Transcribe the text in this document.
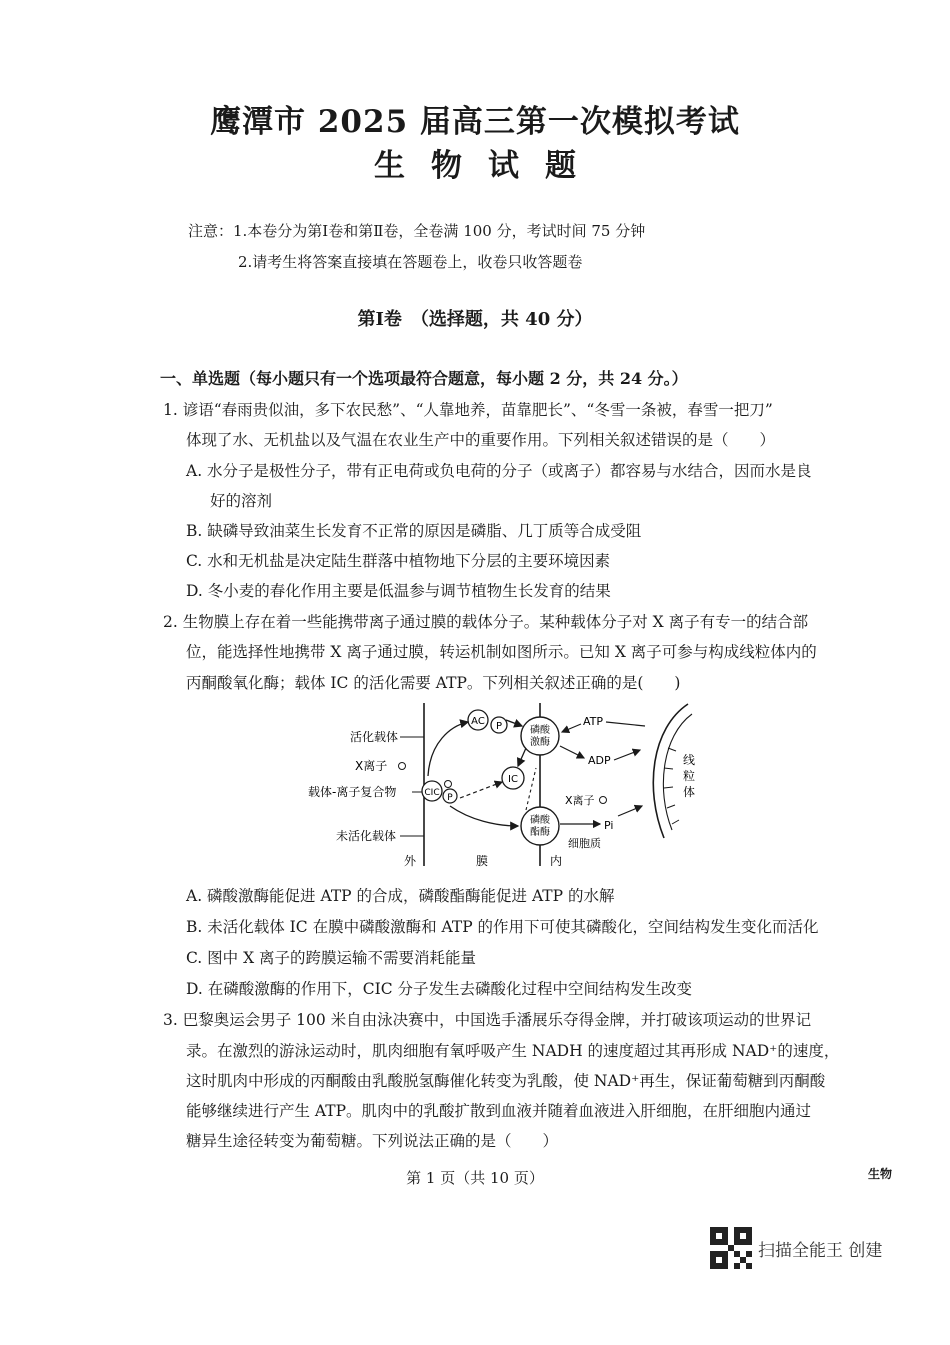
鹰潭市 2025 届高三第一次模拟考试
生物试题
注意：1.本卷分为第Ⅰ卷和第Ⅱ卷，全卷满 100 分，考试时间 75 分钟
2.请考生将答案直接填在答题卷上，收卷只收答题卷
第Ⅰ卷　（选择题，共 40 分）
一、单选题（每小题只有一个选项最符合题意，每小题 2 分，共 24 分。）
1. 谚语“春雨贵似油，多下农民愁”、“人靠地养，苗靠肥长”、“冬雪一条被，春雪一把刀”
体现了水、无机盐以及气温在农业生产中的重要作用。下列相关叙述错误的是（　　）
A. 水分子是极性分子，带有正电荷或负电荷的分子（或离子）都容易与水结合，因而水是良
好的溶剂
B. 缺磷导致油菜生长发育不正常的原因是磷脂、几丁质等合成受阻
C. 水和无机盐是决定陆生群落中植物地下分层的主要环境因素
D. 冬小麦的春化作用主要是低温参与调节植物生长发育的结果
2. 生物膜上存在着一些能携带离子通过膜的载体分子。某种载体分子对 X 离子有专一的结合部
位，能选择性地携带 X 离子通过膜，转运机制如图所示。已知 X 离子可参与构成线粒体内的
丙酮酸氧化酶；载体 IC 的活化需要 ATP。下列相关叙述正确的是(　　)
活化载体
X离子
载体-离子复合物
未活化载体
外	膜	内
AC P	磷酸
激酶
IC
CIC P
磷酸
酯酶
ATP
ADP
X离子
Pi
细胞质
线
粒
体
A. 磷酸激酶能促进 ATP 的合成，磷酸酯酶能促进 ATP 的水解
B. 未活化载体 IC 在膜中磷酸激酶和 ATP 的作用下可使其磷酸化，空间结构发生变化而活化
C. 图中 X 离子的跨膜运输不需要消耗能量
D. 在磷酸激酶的作用下，CIC 分子发生去磷酸化过程中空间结构发生改变
3. 巴黎奥运会男子 100 米自由泳决赛中，中国选手潘展乐夺得金牌，并打破该项运动的世界记
录。在激烈的游泳运动时，肌肉细胞有氧呼吸产生 NADH 的速度超过其再形成 NAD⁺的速度，
这时肌肉中形成的丙酮酸由乳酸脱氢酶催化转变为乳酸，使 NAD⁺再生，保证葡萄糖到丙酮酸
能够继续进行产生 ATP。肌肉中的乳酸扩散到血液并随着血液进入肝细胞，在肝细胞内通过
糖异生途径转变为葡萄糖。下列说法正确的是（　　）
第 1 页（共 10 页）	生物
扫描全能王 创建
